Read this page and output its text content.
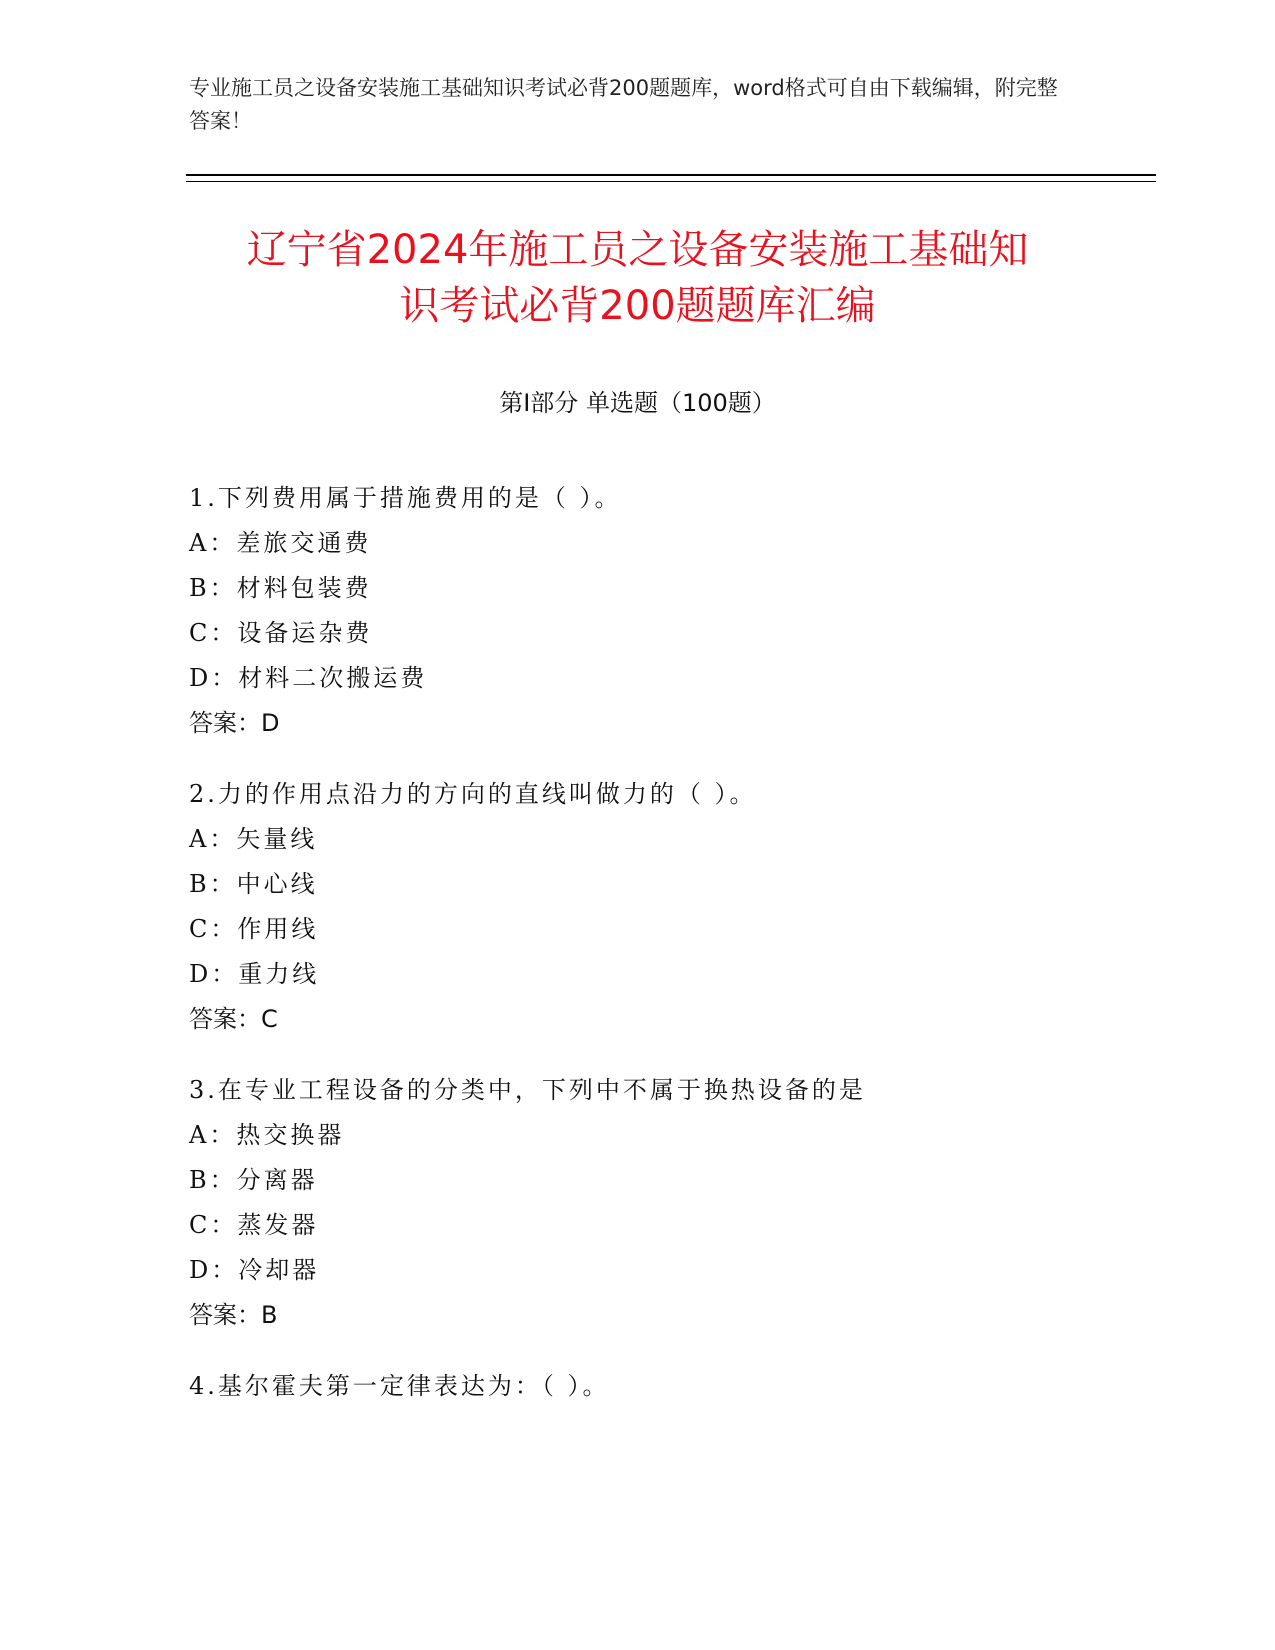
专业施工员之设备安装施工基础知识考试必背200题题库，word格式可自由下载编辑，附完整答案！
辽宁省2024年施工员之设备安装施工基础知
识考试必背200题题库汇编
第Ⅰ部分 单选题（100题）
1.下列费用属于措施费用的是（ ）。
A：差旅交通费
B：材料包装费
C：设备运杂费
D：材料二次搬运费
答案：D
2.力的作用点沿力的方向的直线叫做力的（ ）。
A：矢量线
B：中心线
C：作用线
D：重力线
答案：C
3.在专业工程设备的分类中，下列中不属于换热设备的是
A：热交换器
B：分离器
C：蒸发器
D：冷却器
答案：B
4.基尔霍夫第一定律表达为：（ ）。
